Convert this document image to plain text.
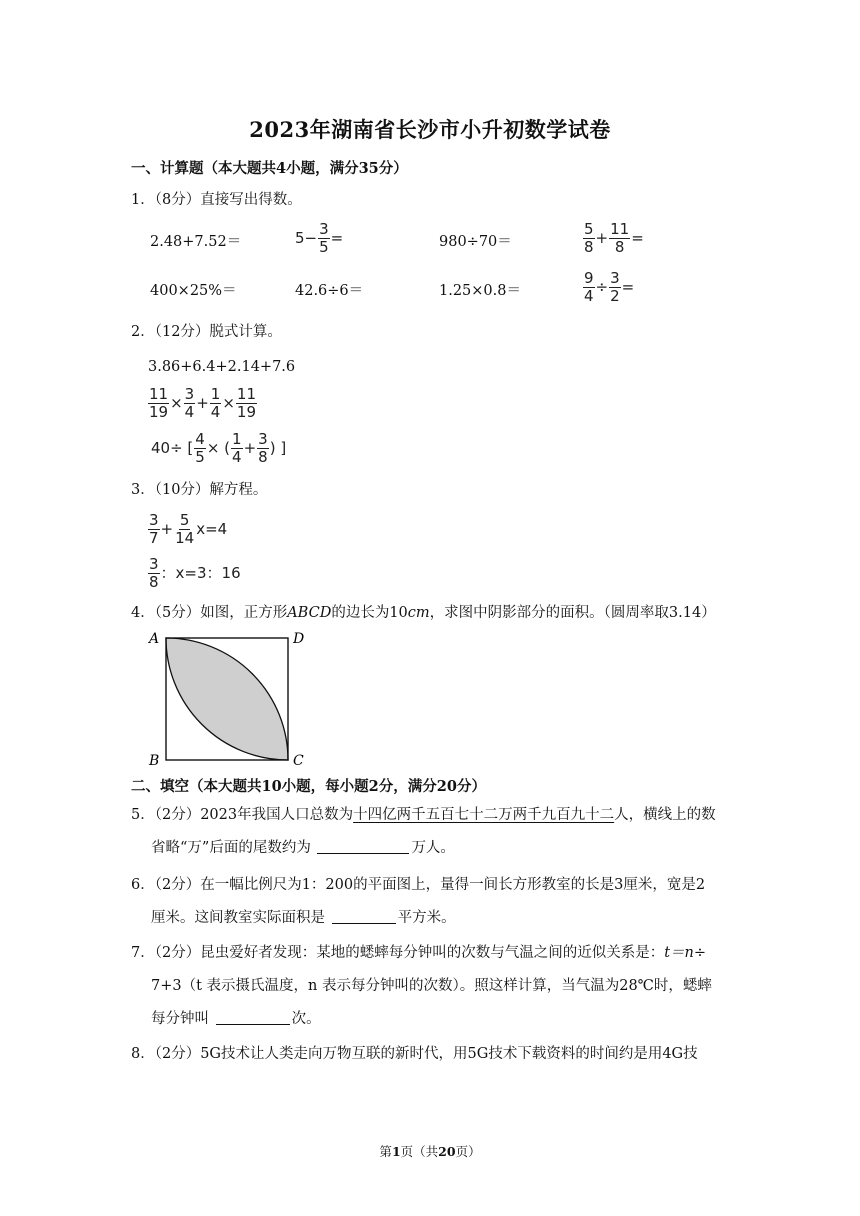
2023年湖南省长沙市小升初数学试卷
一、计算题（本大题共4小题，满分35分）
1．（8分）直接写出得数。
2.48+7.52＝	$5- \frac{3}{5}$ =	980÷70＝	$\frac{5}{8} + \frac{11}{8}$ =
400×25%＝	42.6÷6＝	1.25×0.8＝	$\frac{9}{4} \div \frac{3}{2}$ =
2．（12分）脱式计算。
3.86+6.4+2.14+7.6
$\frac{11}{19} \times \frac{3}{4} + \frac{1}{4} \times \frac{11}{19}$
40÷ [ $\frac{4}{5}$ × ( $\frac{1}{4} + \frac{3}{8}$ ) ]
3．（10分）解方程。
$\frac{3}{7} + \frac{5}{14} x=4$
$\frac{3}{8}$ ：x=3：16
4．（5分）如图，正方形ABCD的边长为10cm，求图中阴影部分的面积。（圆周率取3.14）
A	D
B	C
二、填空（本大题共10小题，每小题2分，满分20分）
5．（2分）2023年我国人口总数为十四亿两千五百七十二万两千九百九十二人，横线上的数
省略“万”后面的尾数约为	万人。
6．（2分）在一幅比例尺为1：200的平面图上，量得一间长方形教室的长是3厘米，宽是2
厘米。这间教室实际面积是	平方米。
7．（2分）昆虫爱好者发现：某地的蟋蟀每分钟叫的次数与气温之间的近似关系是：t＝n÷
7+3（t 表示摄氏温度，n 表示每分钟叫的次数）。照这样计算，当气温为28℃时，蟋蟀
每分钟叫	次。
8．（2分）5G技术让人类走向万物互联的新时代，用5G技术下载资料的时间约是用4G技
第1页（共20页）
